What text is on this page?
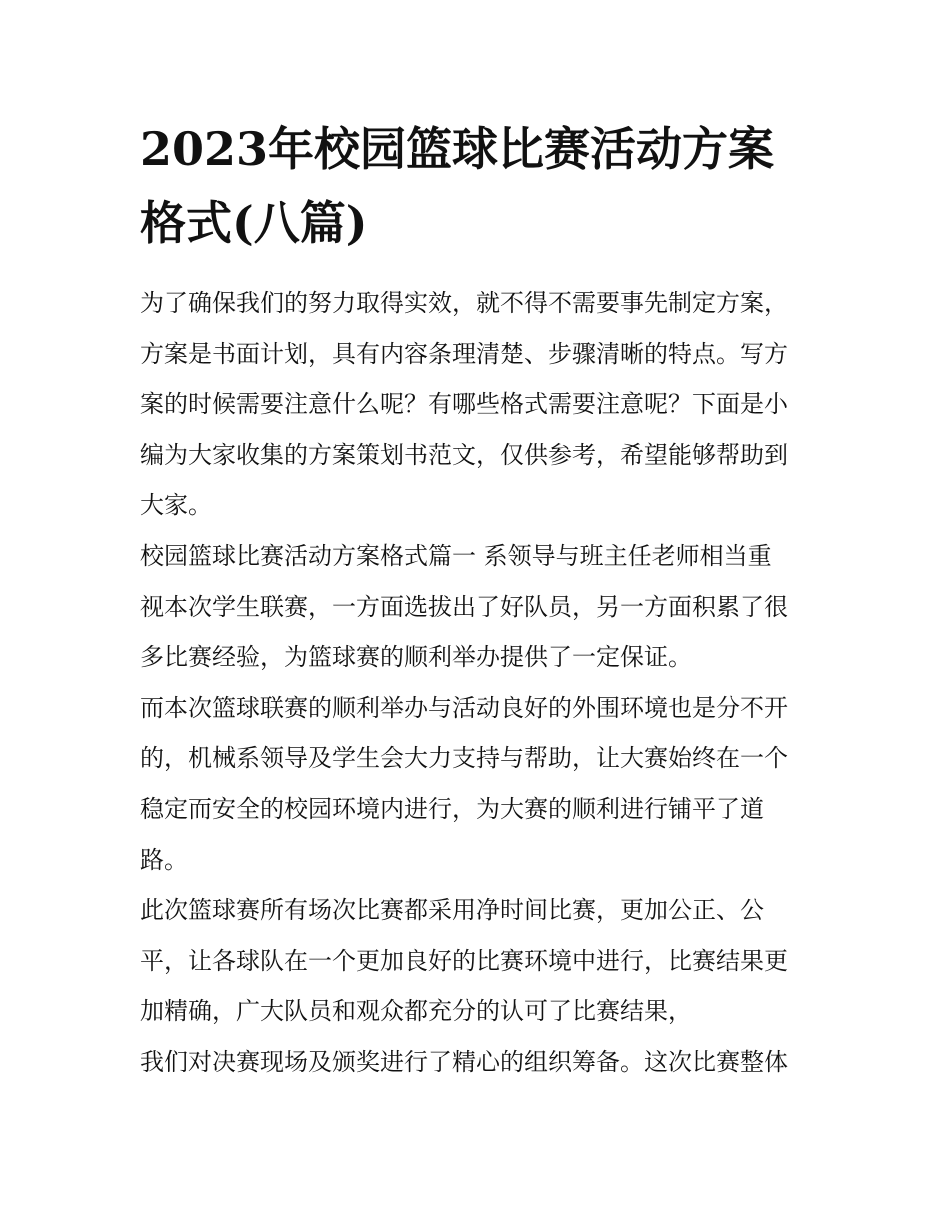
2023年校园篮球比赛活动方案
格式(八篇)
为了确保我们的努力取得实效，就不得不需要事先制定方案，
方案是书面计划，具有内容条理清楚、步骤清晰的特点。写方
案的时候需要注意什么呢？有哪些格式需要注意呢？下面是小
编为大家收集的方案策划书范文，仅供参考，希望能够帮助到
大家。
校园篮球比赛活动方案格式篇一 系领导与班主任老师相当重
视本次学生联赛，一方面选拔出了好队员，另一方面积累了很
多比赛经验，为篮球赛的顺利举办提供了一定保证。
而本次篮球联赛的顺利举办与活动良好的外围环境也是分不开
的，机械系领导及学生会大力支持与帮助，让大赛始终在一个
稳定而安全的校园环境内进行，为大赛的顺利进行铺平了道
路。
此次篮球赛所有场次比赛都采用净时间比赛，更加公正、公
平，让各球队在一个更加良好的比赛环境中进行，比赛结果更
加精确，广大队员和观众都充分的认可了比赛结果，
我们对决赛现场及颁奖进行了精心的组织筹备。这次比赛整体
